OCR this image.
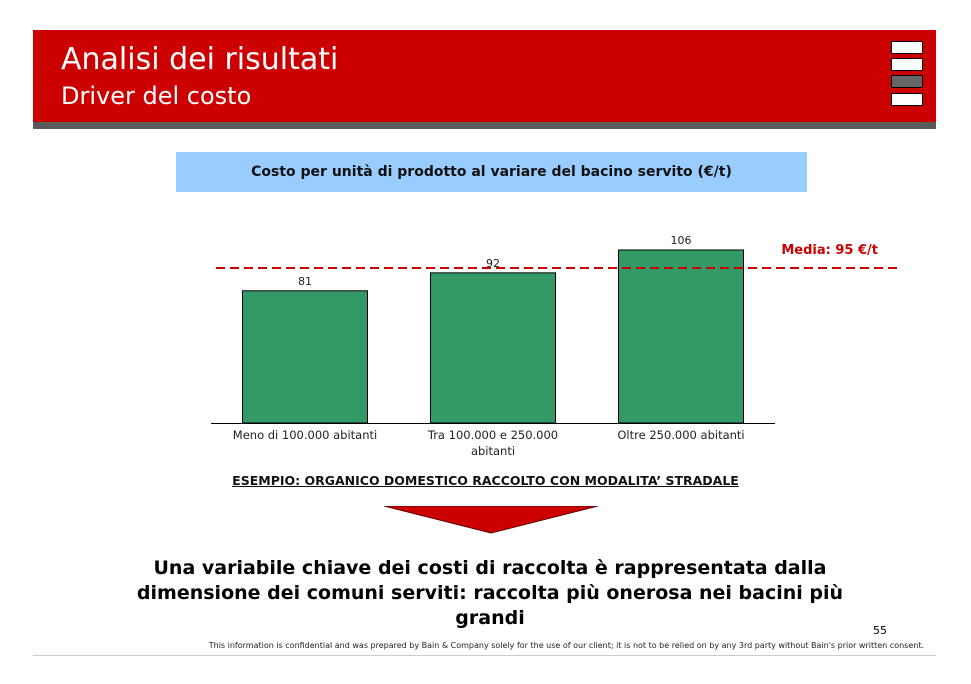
Analisi dei risultati
Driver del costo
Costo per unità di prodotto al variare del bacino servito (€/t)
81
Meno di 100.000 abitanti
92
Tra 100.000 e 250.000 abitanti
106
Oltre 250.000 abitanti
Media: 95 €/t
ESEMPIO: ORGANICO DOMESTICO RACCOLTO CON MODALITA’ STRADALE
Una variabile chiave dei costi di raccolta è rappresentata dalla dimensione dei comuni serviti: raccolta più onerosa nei bacini più grandi
55
This information is confidential and was prepared by Bain & Company solely for the use of our client; it is not to be relied on by any 3rd party without Bain's prior written consent.
